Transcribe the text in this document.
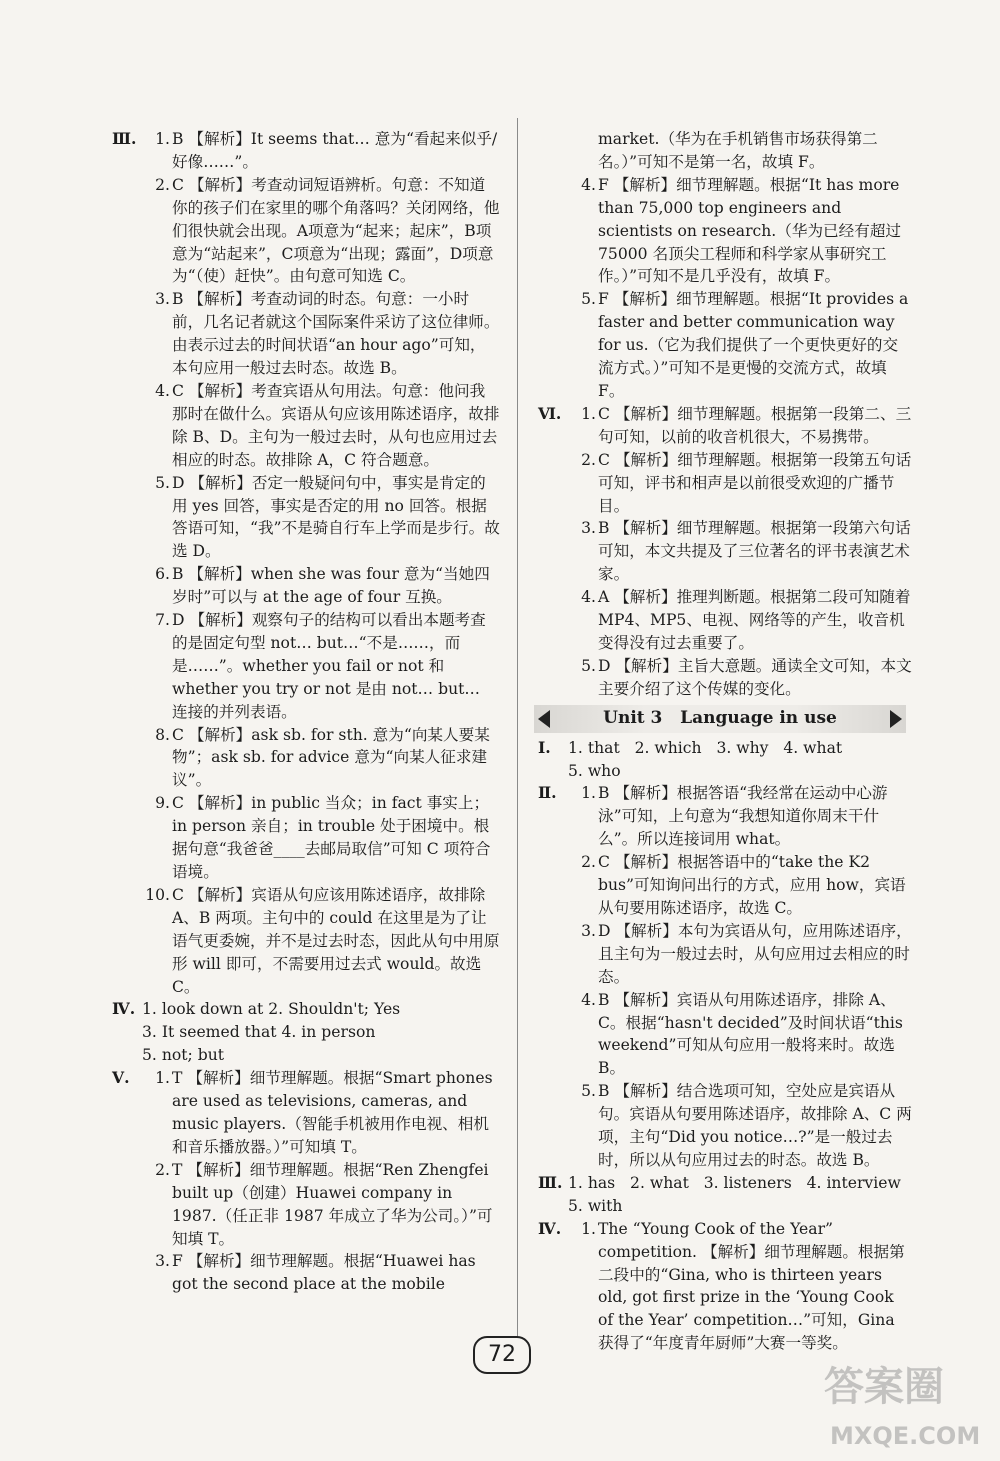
Ⅲ.	1. B 【解析】It seems that… 意为“看起来似乎/好像……”。
2. C 【解析】考查动词短语辨析。句意：不知道你的孩子们在家里的哪个角落吗？关闭网络，他们很快就会出现。A项意为“起来；起床”，B项意为“站起来”，C项意为“出现；露面”，D项意为“（使）赶快”。由句意可知选 C。
3. B 【解析】考查动词的时态。句意：一小时前，几名记者就这个国际案件采访了这位律师。由表示过去的时间状语“an hour ago”可知，本句应用一般过去时态。故选 B。
4. C 【解析】考查宾语从句用法。句意：他问我那时在做什么。宾语从句应该用陈述语序，故排除 B、D。主句为一般过去时，从句也应用过去相应的时态。故排除 A，C 符合题意。
5. D 【解析】否定一般疑问句中，事实是肯定的用 yes 回答，事实是否定的用 no 回答。根据答语可知，“我”不是骑自行车上学而是步行。故选 D。
6. B 【解析】when she was four 意为“当她四岁时”可以与 at the age of four 互换。
7. D 【解析】观察句子的结构可以看出本题考查的是固定句型 not… but…“不是……，而是……”。whether you fail or not 和 whether you try or not 是由 not… but… 连接的并列表语。
8. C 【解析】ask sb. for sth. 意为“向某人要某物”；ask sb. for advice 意为“向某人征求建议”。
9. C 【解析】in public 当众；in fact 事实上；in person 亲自；in trouble 处于困境中。根据句意“我爸爸____去邮局取信”可知 C 项符合语境。
10. C 【解析】宾语从句应该用陈述语序，故排除 A、B 两项。主句中的 could 在这里是为了让语气更委婉，并不是过去时态，因此从句中用原形 will 即可，不需要用过去式 would。故选 C。
Ⅳ. 1. look down at 2. Shouldn't; Yes
3. It seemed that 4. in person
5. not; but
Ⅴ.	1. T 【解析】细节理解题。根据“Smart phones are used as televisions, cameras, and music players.（智能手机被用作电视、相机和音乐播放器。）”可知填 T。
2. T 【解析】细节理解题。根据“Ren Zhengfei built up（创建）Huawei company in 1987.（任正非 1987 年成立了华为公司。）”可知填 T。
3. F 【解析】细节理解题。根据“Huawei has got the second place at the mobile
market.（华为在手机销售市场获得第二名。）”可知不是第一名，故填 F。
4. F 【解析】细节理解题。根据“It has more than 75,000 top engineers and scientists on research.（华为已经有超过 75000 名顶尖工程师和科学家从事研究工作。）”可知不是几乎没有，故填 F。
5. F 【解析】细节理解题。根据“It provides a faster and better communication way for us.（它为我们提供了一个更快更好的交流方式。）”可知不是更慢的交流方式，故填 F。
Ⅵ.	1. C 【解析】细节理解题。根据第一段第二、三句可知，以前的收音机很大，不易携带。
2. C 【解析】细节理解题。根据第一段第五句话可知，评书和相声是以前很受欢迎的广播节目。
3. B 【解析】细节理解题。根据第一段第六句话可知，本文共提及了三位著名的评书表演艺术家。
4. A 【解析】推理判断题。根据第二段可知随着 MP4、MP5、电视、网络等的产生，收音机变得没有过去重要了。
5. D 【解析】主旨大意题。通读全文可知，本文主要介绍了这个传媒的变化。
Unit 3   Language in use
Ⅰ.	1. that   2. which   3. why   4. what
5. who
Ⅱ.	1. B 【解析】根据答语“我经常在运动中心游泳”可知，上句意为“我想知道你周末干什么”。所以连接词用 what。
2. C 【解析】根据答语中的“take the K2 bus”可知询问出行的方式，应用 how，宾语从句要用陈述语序，故选 C。
3. D 【解析】本句为宾语从句，应用陈述语序，且主句为一般过去时，从句应用过去相应的时态。
4. B 【解析】宾语从句用陈述语序，排除 A、C。根据“hasn't decided”及时间状语“this weekend”可知从句应用一般将来时。故选 B。
5. B 【解析】结合选项可知，空处应是宾语从句。宾语从句要用陈述语序，故排除 A、C 两项，主句“Did you notice…?”是一般过去时，所以从句应用过去的时态。故选 B。
Ⅲ. 1. has   2. what   3. listeners   4. interview
5. with
Ⅳ.	1. The “Young Cook of the Year” competition. 【解析】细节理解题。根据第二段中的“Gina, who is thirteen years old, got first prize in the ‘Young Cook of the Year’ competition…”可知，Gina 获得了“年度青年厨师”大赛一等奖。
72
答案圈
MXQE.COM
